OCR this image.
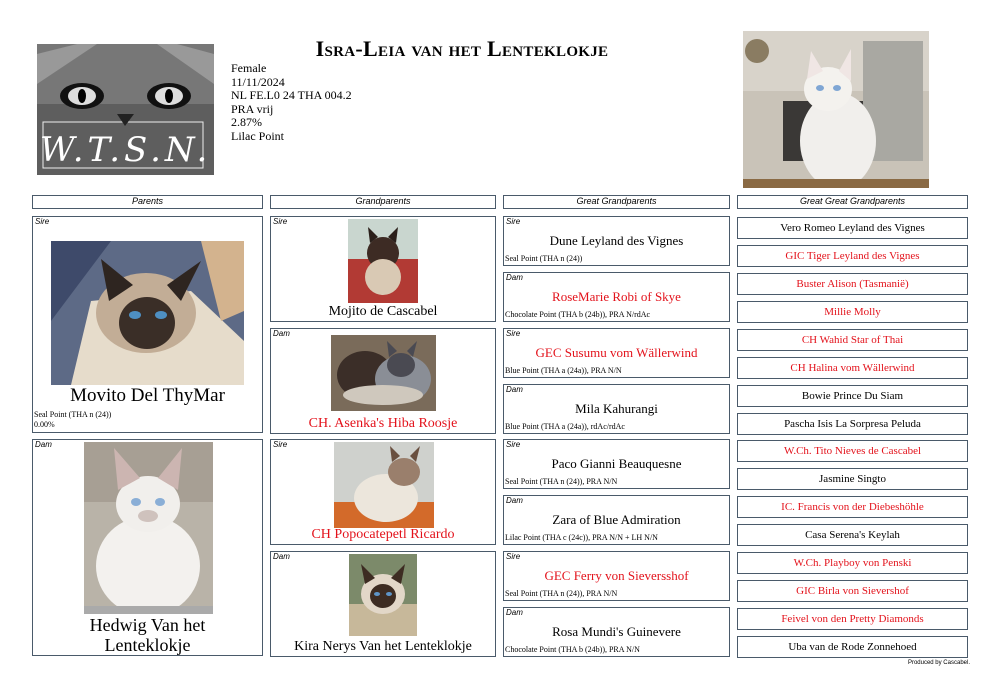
W.T.S.N.
Isra-Leia van het Lenteklokje
Female
11/11/2024
NL FE.L0 24 THA 004.2
PRA vrij
2.87%
Lilac Point
Parents	Grandparents	Great Grandparents	Great Great Grandparents
Sire
Movito Del ThyMar
Seal Point (THA n (24))
0.00%
Dam
Hedwig Van het
Lenteklokje
Sire
Mojito de Cascabel
Dam
CH. Asenka's Hiba Roosje
Sire
CH Popocatepetl Ricardo
Dam
Kira Nerys Van het Lenteklokje
Sire
Dune Leyland des Vignes
Seal Point (THA n (24))
Dam
RoseMarie Robi of Skye
Chocolate Point (THA b (24b)), PRA N/rdAc
Sire
GEC Susumu vom Wällerwind
Blue Point (THA a (24a)), PRA N/N
Dam
Mila Kahurangi
Blue Point (THA a (24a)), rdAc/rdAc
Sire
Paco Gianni Beauquesne
Seal Point (THA n (24)), PRA N/N
Dam
Zara of Blue Admiration
Lilac Point (THA c (24c)), PRA N/N + LH N/N
Sire
GEC Ferry von Sieversshof
Seal Point (THA n (24)), PRA N/N
Dam
Rosa Mundi's Guinevere
Chocolate Point (THA b (24b)), PRA N/N
Vero Romeo Leyland des Vignes
GIC Tiger Leyland des Vignes
Buster Alison (Tasmanië)
Millie Molly
CH Wahid Star of Thai
CH Halina vom Wällerwind
Bowie Prince Du Siam
Pascha Isis La Sorpresa Peluda
W.Ch. Tito Nieves de Cascabel
Jasmine Singto
IC. Francis von der Diebeshöhle
Casa Serena's Keylah
W.Ch. Playboy von Penski
GIC Birla von Sievershof
Feivel von den Pretty Diamonds
Uba van de Rode Zonnehoed
Produced by Cascabel.
